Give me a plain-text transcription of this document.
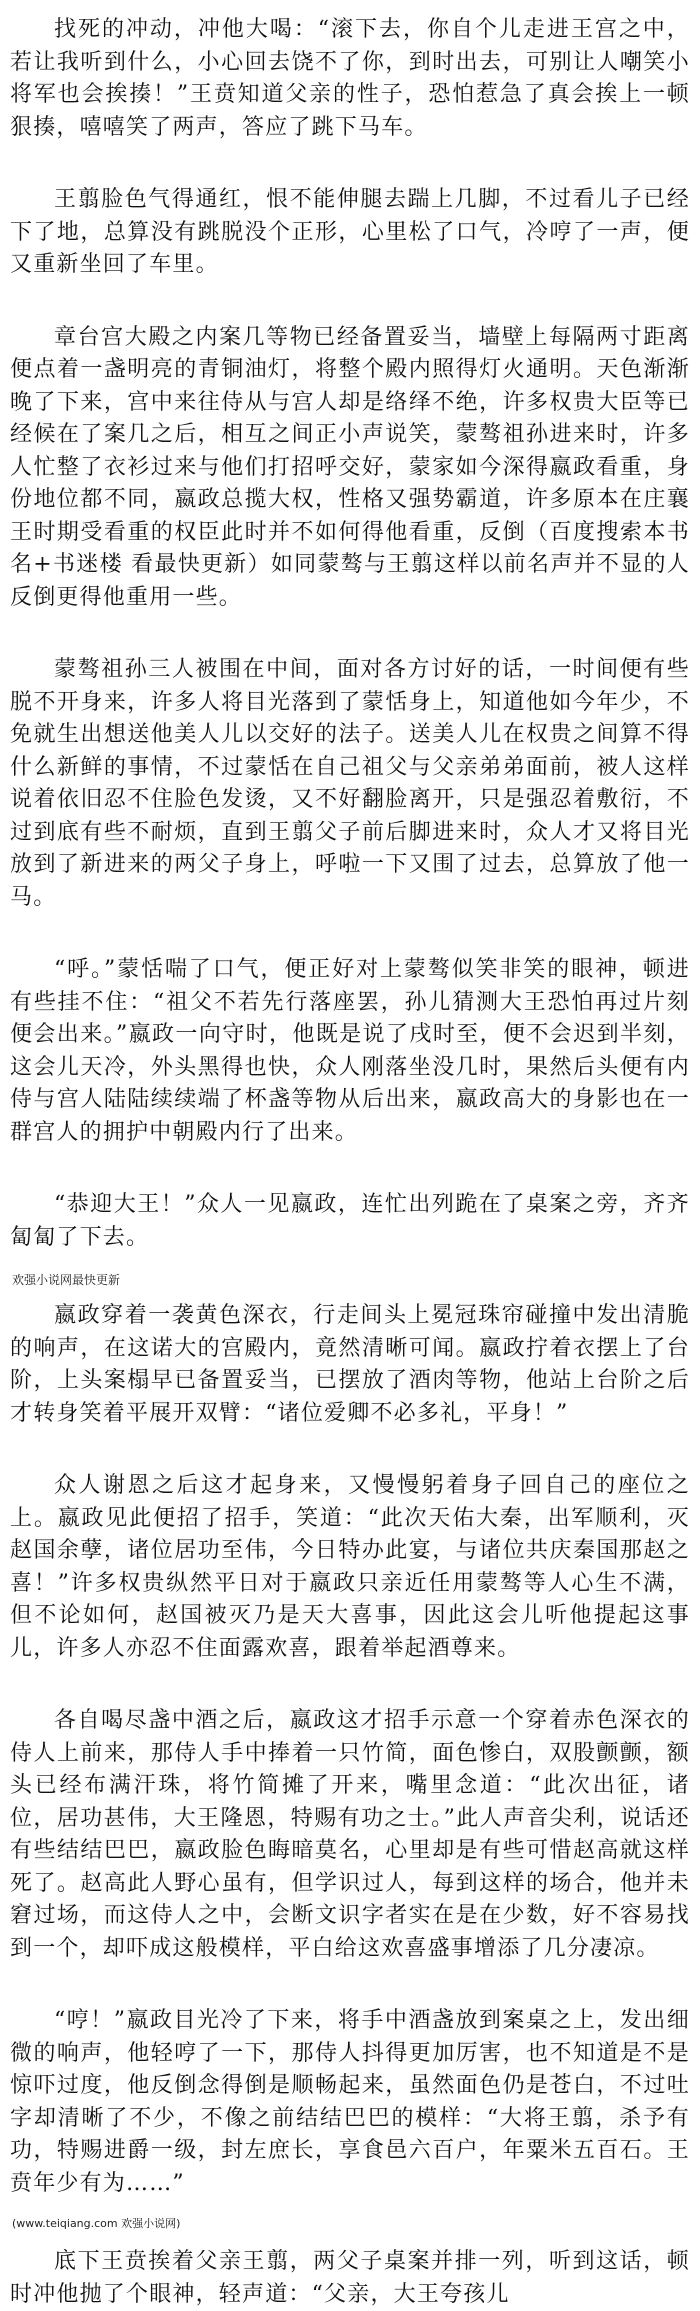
找死的冲动，冲他大喝：“滚下去，你自个儿走进王宫之中，若让我听到什么，小心回去饶不了你，到时出去，可别让人嘲笑小将军也会挨揍！”王贲知道父亲的性子，恐怕惹急了真会挨上一顿狠揍，嘻嘻笑了两声，答应了跳下马车。

王翦脸色气得通红，恨不能伸腿去踹上几脚，不过看儿子已经下了地，总算没有跳脱没个正形，心里松了口气，冷哼了一声，便又重新坐回了车里。

章台宫大殿之内案几等物已经备置妥当，墙壁上每隔两寸距离便点着一盏明亮的青铜油灯，将整个殿内照得灯火通明。天色渐渐晚了下来，宫中来往侍从与宫人却是络绎不绝，许多权贵大臣等已经候在了案几之后，相互之间正小声说笑，蒙骜祖孙进来时，许多人忙整了衣衫过来与他们打招呼交好，蒙家如今深得嬴政看重，身份地位都不同，嬴政总揽大权，性格又强势霸道，许多原本在庄襄王时期受看重的权臣此时并不如何得他看重，反倒（百度搜索本书名+书迷楼 看最快更新）如同蒙骜与王翦这样以前名声并不显的人反倒更得他重用一些。

蒙骜祖孙三人被围在中间，面对各方讨好的话，一时间便有些脱不开身来，许多人将目光落到了蒙恬身上，知道他如今年少，不免就生出想送他美人儿以交好的法子。送美人儿在权贵之间算不得什么新鲜的事情，不过蒙恬在自己祖父与父亲弟弟面前，被人这样说着依旧忍不住脸色发烫，又不好翻脸离开，只是强忍着敷衍，不过到底有些不耐烦，直到王翦父子前后脚进来时，众人才又将目光放到了新进来的两父子身上，呼啦一下又围了过去，总算放了他一马。

“呼。”蒙恬喘了口气，便正好对上蒙骜似笑非笑的眼神，顿进有些挂不住：“祖父不若先行落座罢，孙儿猜测大王恐怕再过片刻便会出来。”嬴政一向守时，他既是说了戌时至，便不会迟到半刻，这会儿天冷，外头黑得也快，众人刚落坐没几时，果然后头便有内侍与宫人陆陆续续端了杯盏等物从后出来，嬴政高大的身影也在一群宫人的拥护中朝殿内行了出来。

“恭迎大王！”众人一见嬴政，连忙出列跪在了桌案之旁，齐齐匐匐了下去。

欢强小说网最快更新

嬴政穿着一袭黄色深衣，行走间头上冕冠珠帘碰撞中发出清脆的响声，在这诺大的宫殿内，竟然清晰可闻。嬴政拧着衣摆上了台阶，上头案榻早已备置妥当，已摆放了酒肉等物，他站上台阶之后才转身笑着平展开双臂：“诸位爱卿不必多礼，平身！”

众人谢恩之后这才起身来，又慢慢躬着身子回自己的座位之上。嬴政见此便招了招手，笑道：“此次天佑大秦，出军顺利，灭赵国余孽，诸位居功至伟，今日特办此宴，与诸位共庆秦国那赵之喜！”许多权贵纵然平日对于嬴政只亲近任用蒙骜等人心生不满，但不论如何，赵国被灭乃是天大喜事，因此这会儿听他提起这事儿，许多人亦忍不住面露欢喜，跟着举起酒尊来。

各自喝尽盏中酒之后，嬴政这才招手示意一个穿着赤色深衣的侍人上前来，那侍人手中捧着一只竹简，面色惨白，双股颤颤，额头已经布满汗珠，将竹简摊了开来，嘴里念道：“此次出征，诸位，居功甚伟，大王隆恩，特赐有功之士。”此人声音尖利，说话还有些结结巴巴，嬴政脸色晦暗莫名，心里却是有些可惜赵高就这样死了。赵高此人野心虽有，但学识过人，每到这样的场合，他并未窘过场，而这侍人之中，会断文识字者实在是在少数，好不容易找到一个，却吓成这般模样，平白给这欢喜盛事增添了几分凄凉。

“哼！”嬴政目光冷了下来，将手中酒盏放到案桌之上，发出细微的响声，他轻哼了一下，那侍人抖得更加厉害，也不知道是不是惊吓过度，他反倒念得倒是顺畅起来，虽然面色仍是苍白，不过吐字却清晰了不少，不像之前结结巴巴的模样：“大将王翦，杀予有功，特赐进爵一级，封左庶长，享食邑六百户，年粟米五百石。王贲年少有为……”

(www.teiqiang.com 欢强小说网)

底下王贲挨着父亲王翦，两父子桌案并排一列，听到这话，顿时冲他抛了个眼神，轻声道：“父亲，大王夸孩儿
